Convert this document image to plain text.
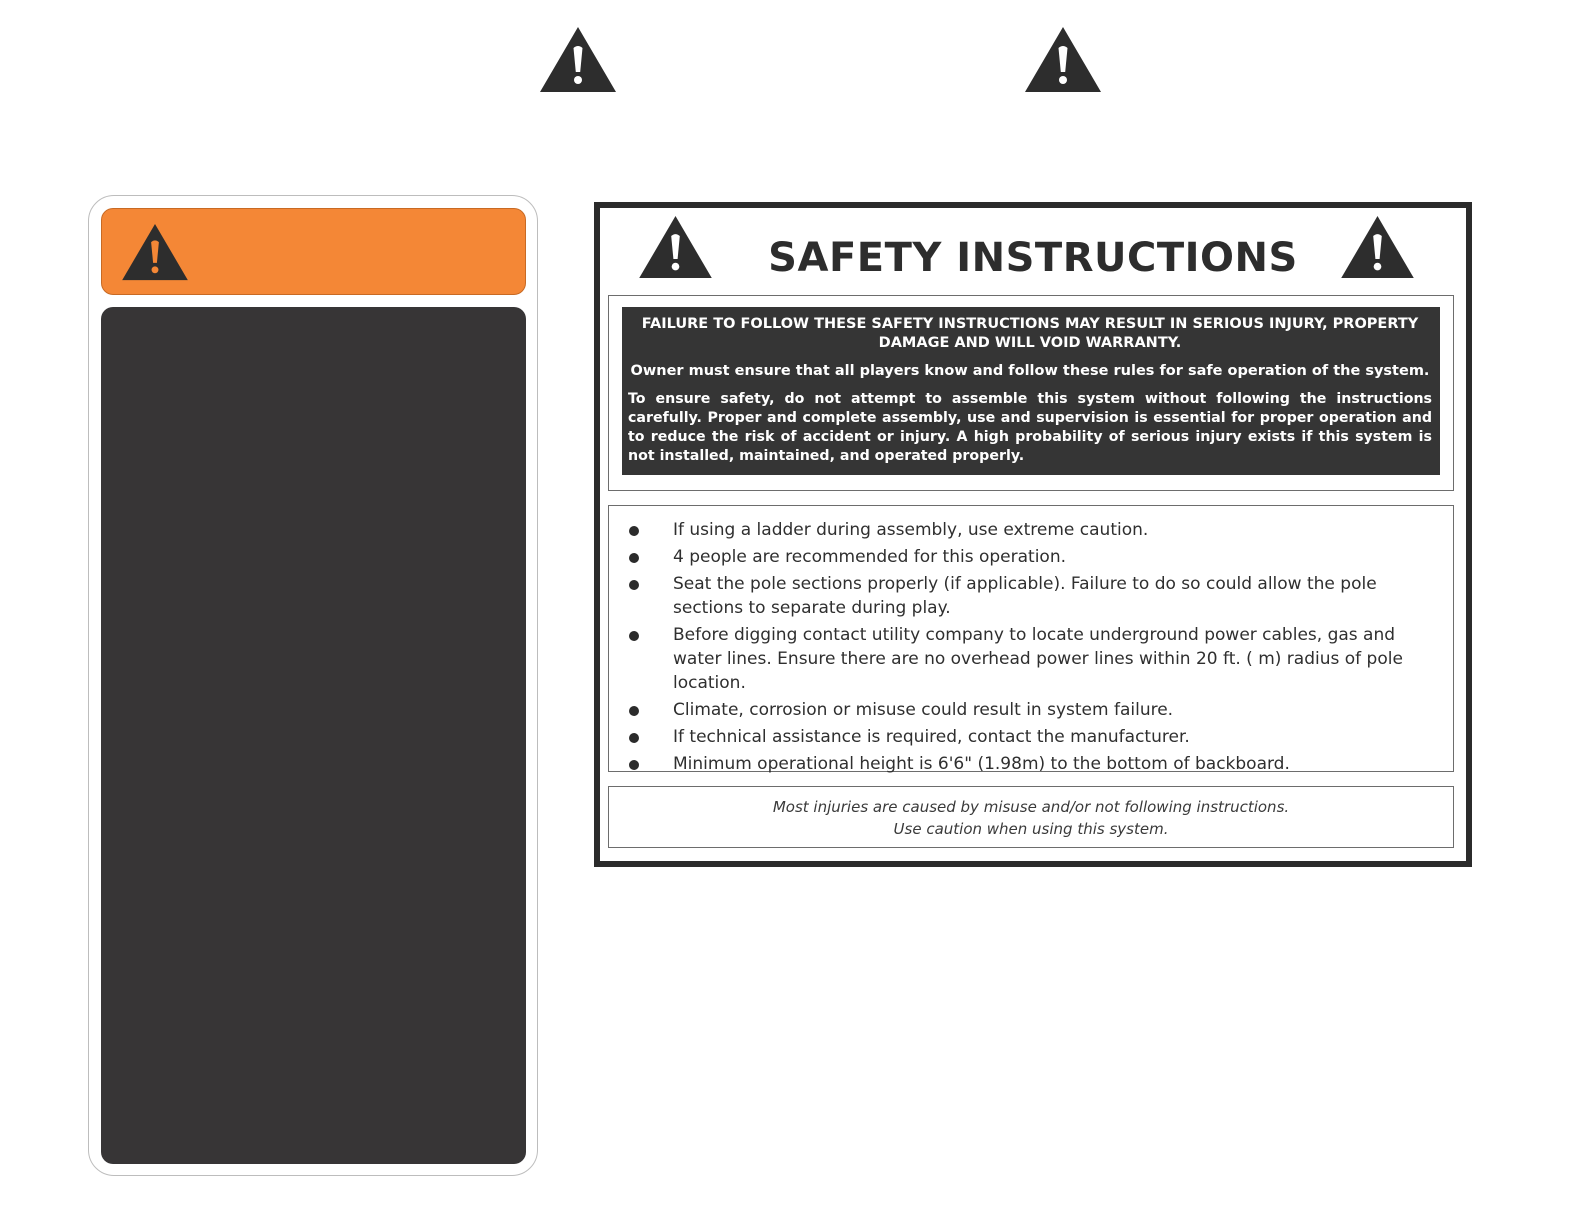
SAFETY INSTRUCTIONS

FAILURE TO FOLLOW THESE SAFETY INSTRUCTIONS MAY RESULT IN SERIOUS INJURY, PROPERTY DAMAGE AND WILL VOID WARRANTY.

Owner must ensure that all players know and follow these rules for safe operation of the system.

To ensure safety, do not attempt to assemble this system without following the instructions carefully. Proper and complete assembly, use and supervision is essential for proper operation and to reduce the risk of accident or injury. A high probability of serious injury exists if this system is not installed, maintained, and operated properly.

If using a ladder during assembly, use extreme caution.
4 people are recommended for this operation.
Seat the pole sections properly (if applicable). Failure to do so could allow the pole sections to separate during play.
Before digging contact utility company to locate underground power cables, gas and water lines. Ensure there are no overhead power lines within 20 ft. ( m) radius of pole location.
Climate, corrosion or misuse could result in system failure.
If technical assistance is required, contact the manufacturer.
Minimum operational height is 6'6" (1.98m) to the bottom of backboard.

Most injuries are caused by misuse and/or not following instructions.
Use caution when using this system.
